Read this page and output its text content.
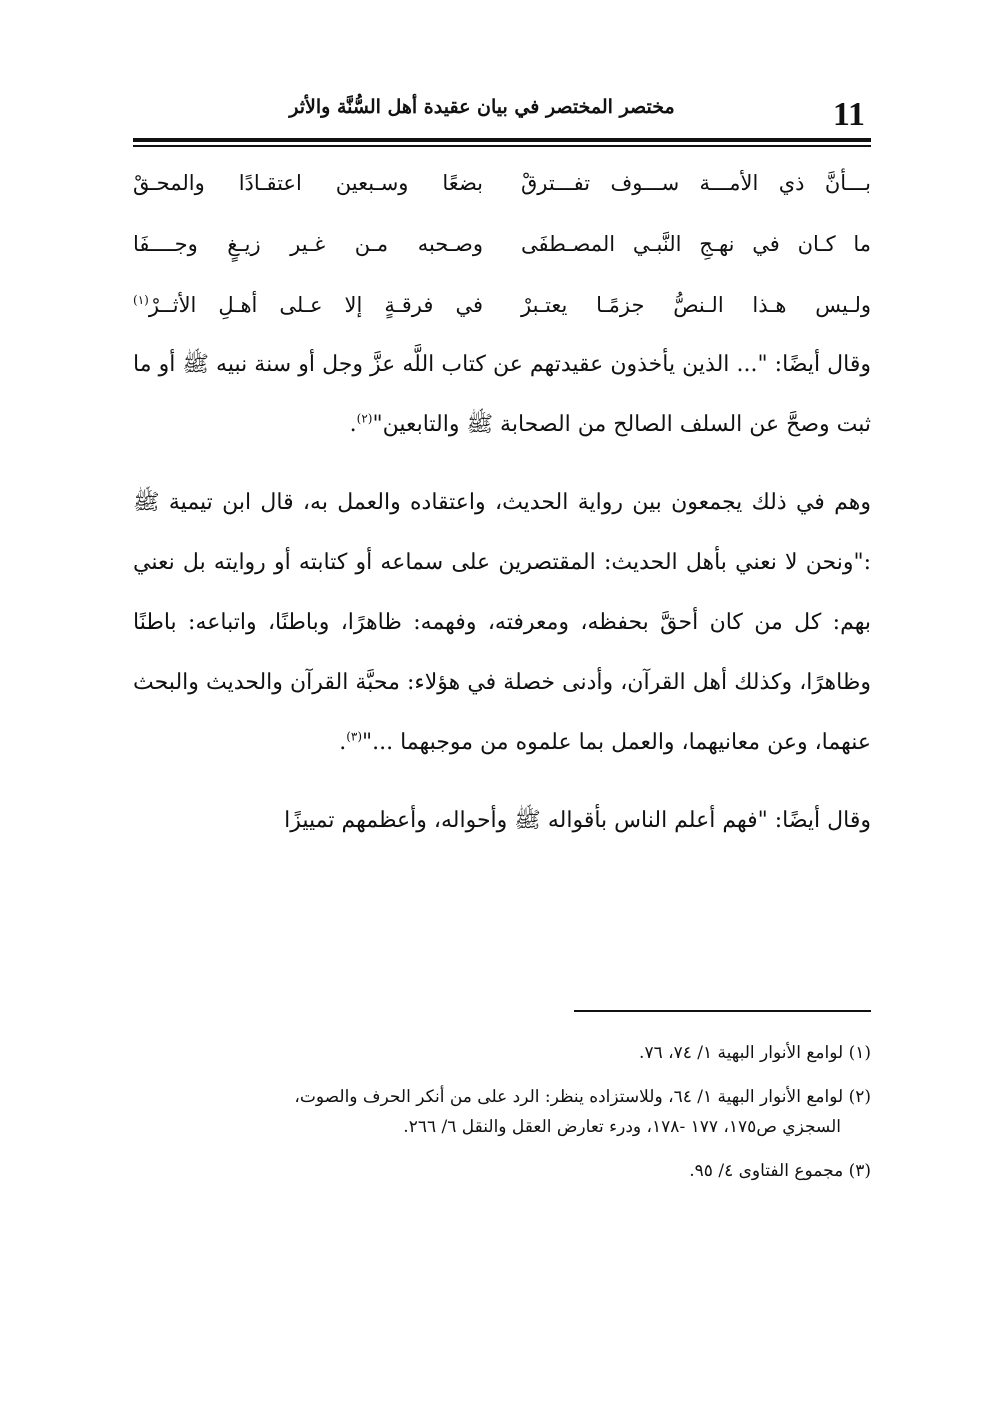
11
مختصر المختصر في بيان عقيدة أهل السُّنَّة والأثر
بـــأنَّ ذي الأمـــة ســـوف تفـــترقْ
بضعًا وسـبعين اعتقـادًا والمحـقْ
ما كـان في نهـجِ النَّبـي المصـطفَى
وصـحبه مـن غـير زيـغٍ وجــــفَا
ولـيس هـذا الـنصُّ جزمًـا يعتـبرْ
في فرقـةٍ إلا عـلى أهـلِ الأثــرْ$^{(١)}$

وقال أيضًا: "... الذين يأخذون عقيدتهم عن كتاب اللَّه عزَّ وجل أو سنة نبيه ﷺ أو ما ثبت وصحَّ عن السلف الصالح من الصحابة ﷺ والتابعين"$^{(٢)}$.

وهم في ذلك يجمعون بين رواية الحديث، واعتقاده والعمل به، قال ابن تيمية ﷺ :"ونحن لا نعني بأهل الحديث: المقتصرين على سماعه أو كتابته أو روايته بل نعني بهم: كل من كان أحقَّ بحفظه، ومعرفته، وفهمه: ظاهرًا، وباطنًا، واتباعه: باطنًا وظاهرًا، وكذلك أهل القرآن، وأدنى خصلة في هؤلاء: محبَّة القرآن والحديث والبحث عنهما، وعن معانيهما، والعمل بما علموه من موجبهما ..."$^{(٣)}$.

وقال أيضًا: "فهم أعلم الناس بأقواله ﷺ وأحواله، وأعظمهم تمييزًا

(١) لوامع الأنوار البهية ١/ ٧٤، ٧٦.

(٢) لوامع الأنوار البهية ١/ ٦٤، وللاستزاده ينظر: الرد على من أنكر الحرف والصوت،
السجزي ص١٧٥، ١٧٧ -١٧٨، ودرء تعارض العقل والنقل ٦/ ٢٦٦.

(٣) مجموع الفتاوى ٤/ ٩٥.
